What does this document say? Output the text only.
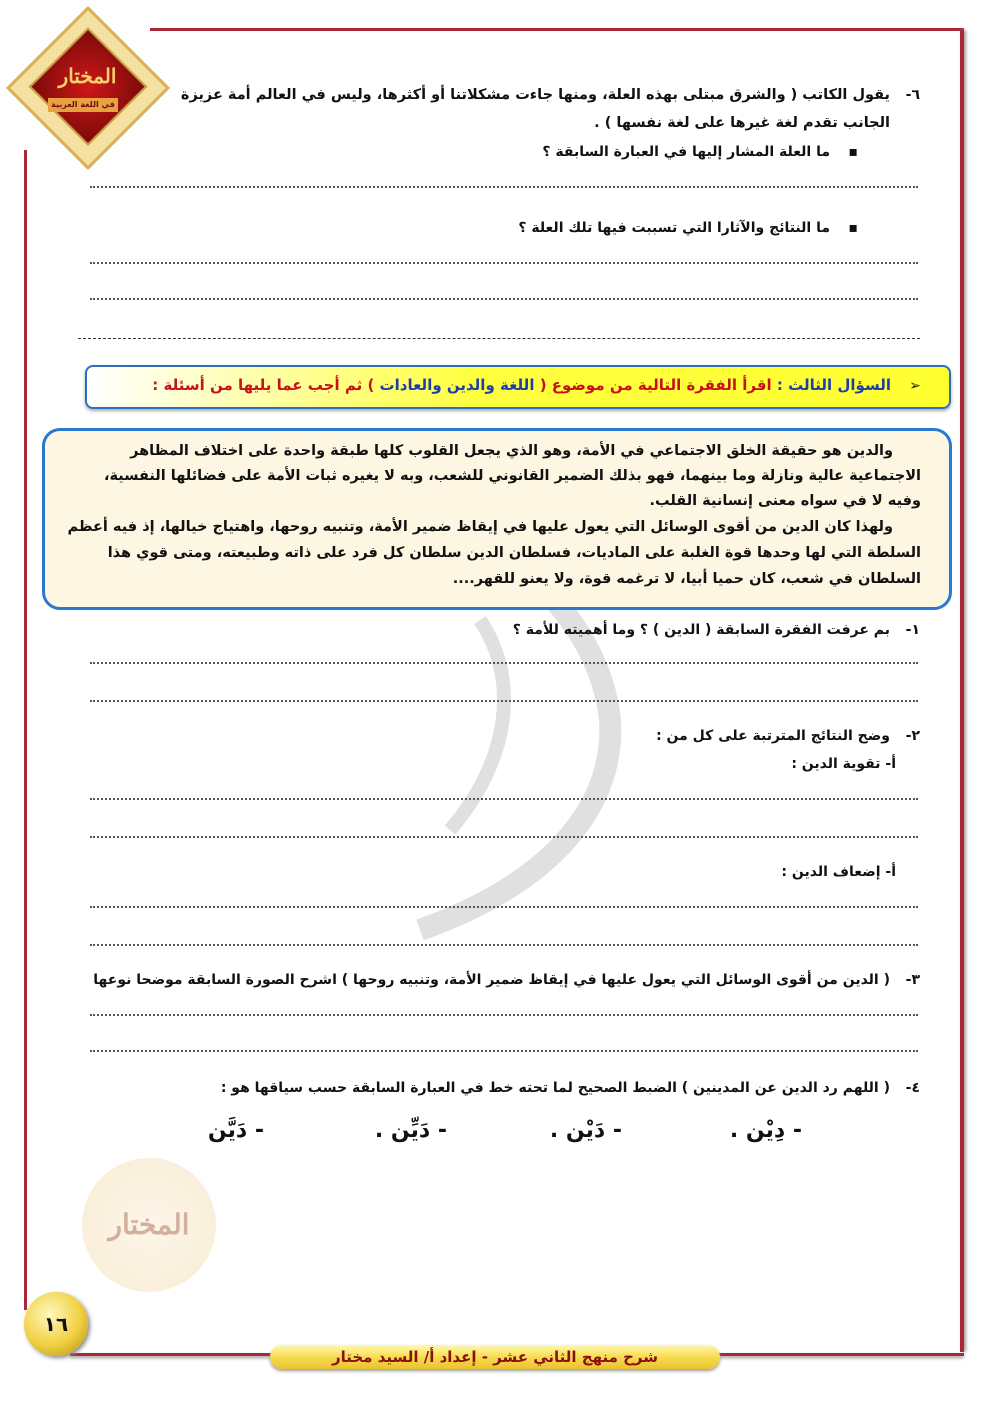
المختار
في اللغة العربية
٦-
يقول الكاتب ( والشرق مبتلى بهذه العلة، ومنها جاءت مشكلاتنا أو أكثرها، وليس في العالم أمة عزيزة
الجانب تقدم لغة غيرها على لغة نفسها ) .
▪
ما العلة المشار إليها في العبارة السابقة ؟
▪
ما النتائج والآثارا التي تسببت فيها تلك العلة ؟
➢
السؤال الثالث : اقرأ الفقرة التالية من موضوع ( اللغة والدين والعادات ) ثم أجب عما يليها من أسئلة :

والدين هو حقيقة الخلق الاجتماعي في الأمة، وهو الذي يجعل القلوب كلها طبقة واحدة على اختلاف المظاهر

الاجتماعية عالية ونازلة وما بينهما، فهو بذلك الضمير القانوني للشعب، وبه لا يغيره ثبات الأمة على فضائلها النفسية،

وفيه لا في سواه معنى إنسانية القلب.

ولهذا كان الدين من أقوى الوسائل التي يعول عليها في إيقاظ ضمير الأمة، وتنبيه روحها، واهتياج خيالها، إذ فيه أعظم

السلطة التي لها وحدها قوة الغلبة على الماديات، فسلطان الدين سلطان كل فرد على ذاته وطبيعته، ومتى قوي هذا

السلطان في شعب، كان حميا أبيا، لا ترغمه قوة، ولا يعنو للقهر....

١-
بم عرفت الفقرة السابقة ( الدين ) ؟ وما أهميته للأمة ؟
٢-
وضح النتائج المترتبة على كل من :
أ- تقوية الدين :
أ- إضعاف الدين :
٣-
( الدين من أقوى الوسائل التي يعول عليها في إيقاظ ضمير الأمة، وتنبيه روحها ) اشرح الصورة السابقة موضحا نوعها
٤-
( اللهم رد الدين عن المدينين ) الضبط الصحيح لما تحته خط في العبارة السابقة حسب سياقها هو :
- دِيْن .
- دَيْن .
- دَيِّن .
- دَيَّن
المختار
١٦
شرح منهج الثاني عشر - إعداد أ/ السيد مختار
